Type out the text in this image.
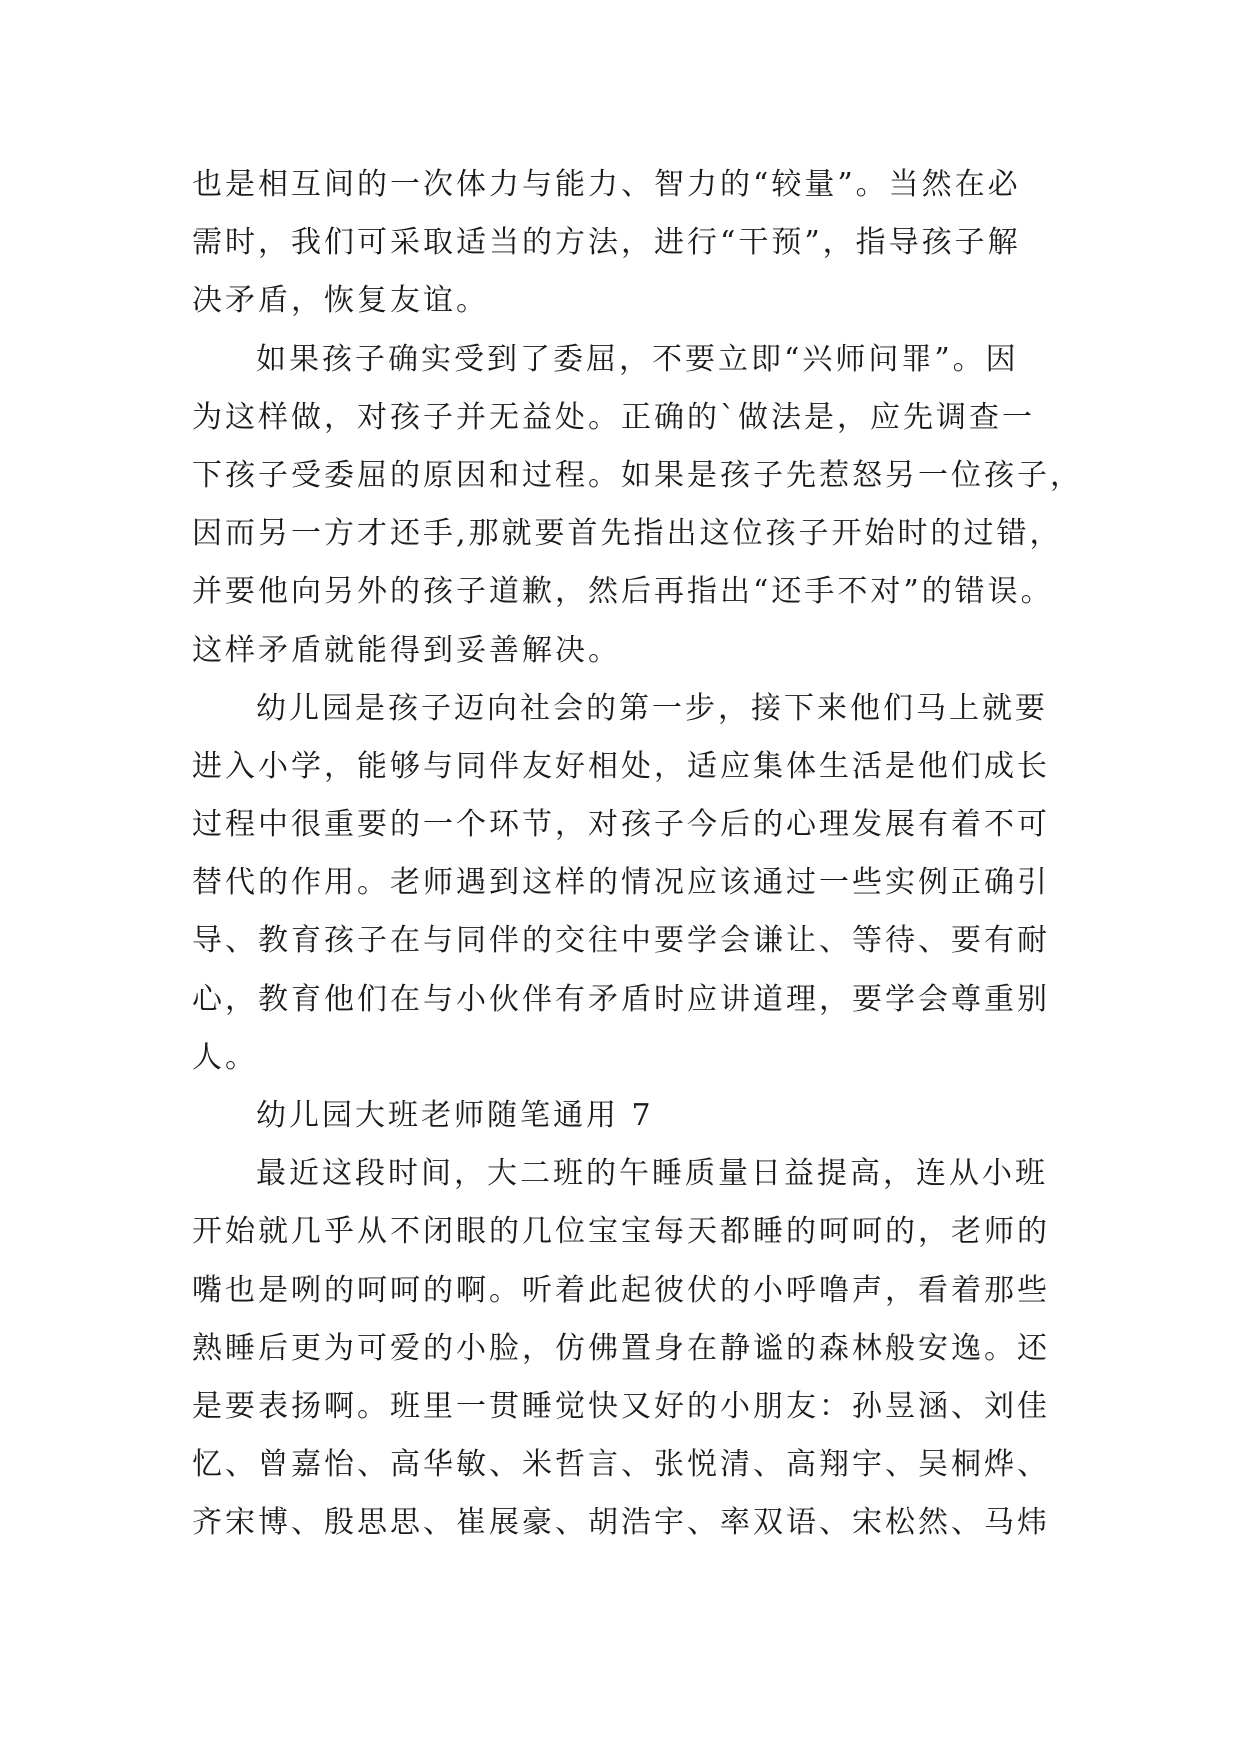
也是相互间的一次体力与能力、智力的“较量”。当然在必
需时，我们可采取适当的方法，进行“干预”，指导孩子解
决矛盾，恢复友谊。
如果孩子确实受到了委屈，不要立即“兴师问罪”。因
为这样做，对孩子并无益处。正确的`做法是，应先调查一
下孩子受委屈的原因和过程。如果是孩子先惹怒另一位孩子，
因而另一方才还手,那就要首先指出这位孩子开始时的过错，
并要他向另外的孩子道歉，然后再指出“还手不对”的错误。
这样矛盾就能得到妥善解决。
幼儿园是孩子迈向社会的第一步，接下来他们马上就要
进入小学，能够与同伴友好相处，适应集体生活是他们成长
过程中很重要的一个环节，对孩子今后的心理发展有着不可
替代的作用。老师遇到这样的情况应该通过一些实例正确引
导、教育孩子在与同伴的交往中要学会谦让、等待、要有耐
心，教育他们在与小伙伴有矛盾时应讲道理，要学会尊重别
人。
幼儿园大班老师随笔通用 7
最近这段时间，大二班的午睡质量日益提高，连从小班
开始就几乎从不闭眼的几位宝宝每天都睡的呵呵的，老师的
嘴也是咧的呵呵的啊。听着此起彼伏的小呼噜声，看着那些
熟睡后更为可爱的小脸，仿佛置身在静谧的森林般安逸。还
是要表扬啊。班里一贯睡觉快又好的小朋友：孙昱涵、刘佳
忆、曾嘉怡、高华敏、米哲言、张悦清、高翔宇、吴桐烨、
齐宋博、殷思思、崔展豪、胡浩宇、率双语、宋松然、马炜
